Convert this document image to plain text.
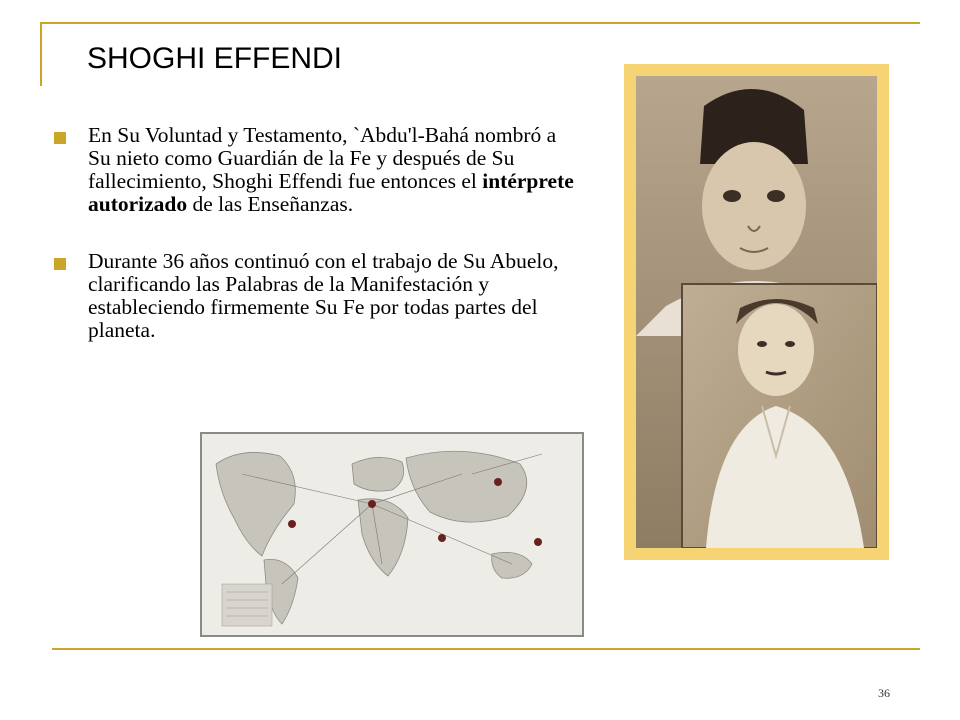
SHOGHI EFFENDI
En Su Voluntad y Testamento, `Abdu'l-Bahá nombró a Su nieto como Guardián de la Fe y después de Su fallecimiento, Shoghi Effendi fue entonces el intérprete autorizado de las Enseñanzas.
Durante 36 años continuó con el trabajo de Su Abuelo, clarificando las Palabras de la Manifestación y estableciendo firmemente Su Fe por todas partes del planeta.
36
